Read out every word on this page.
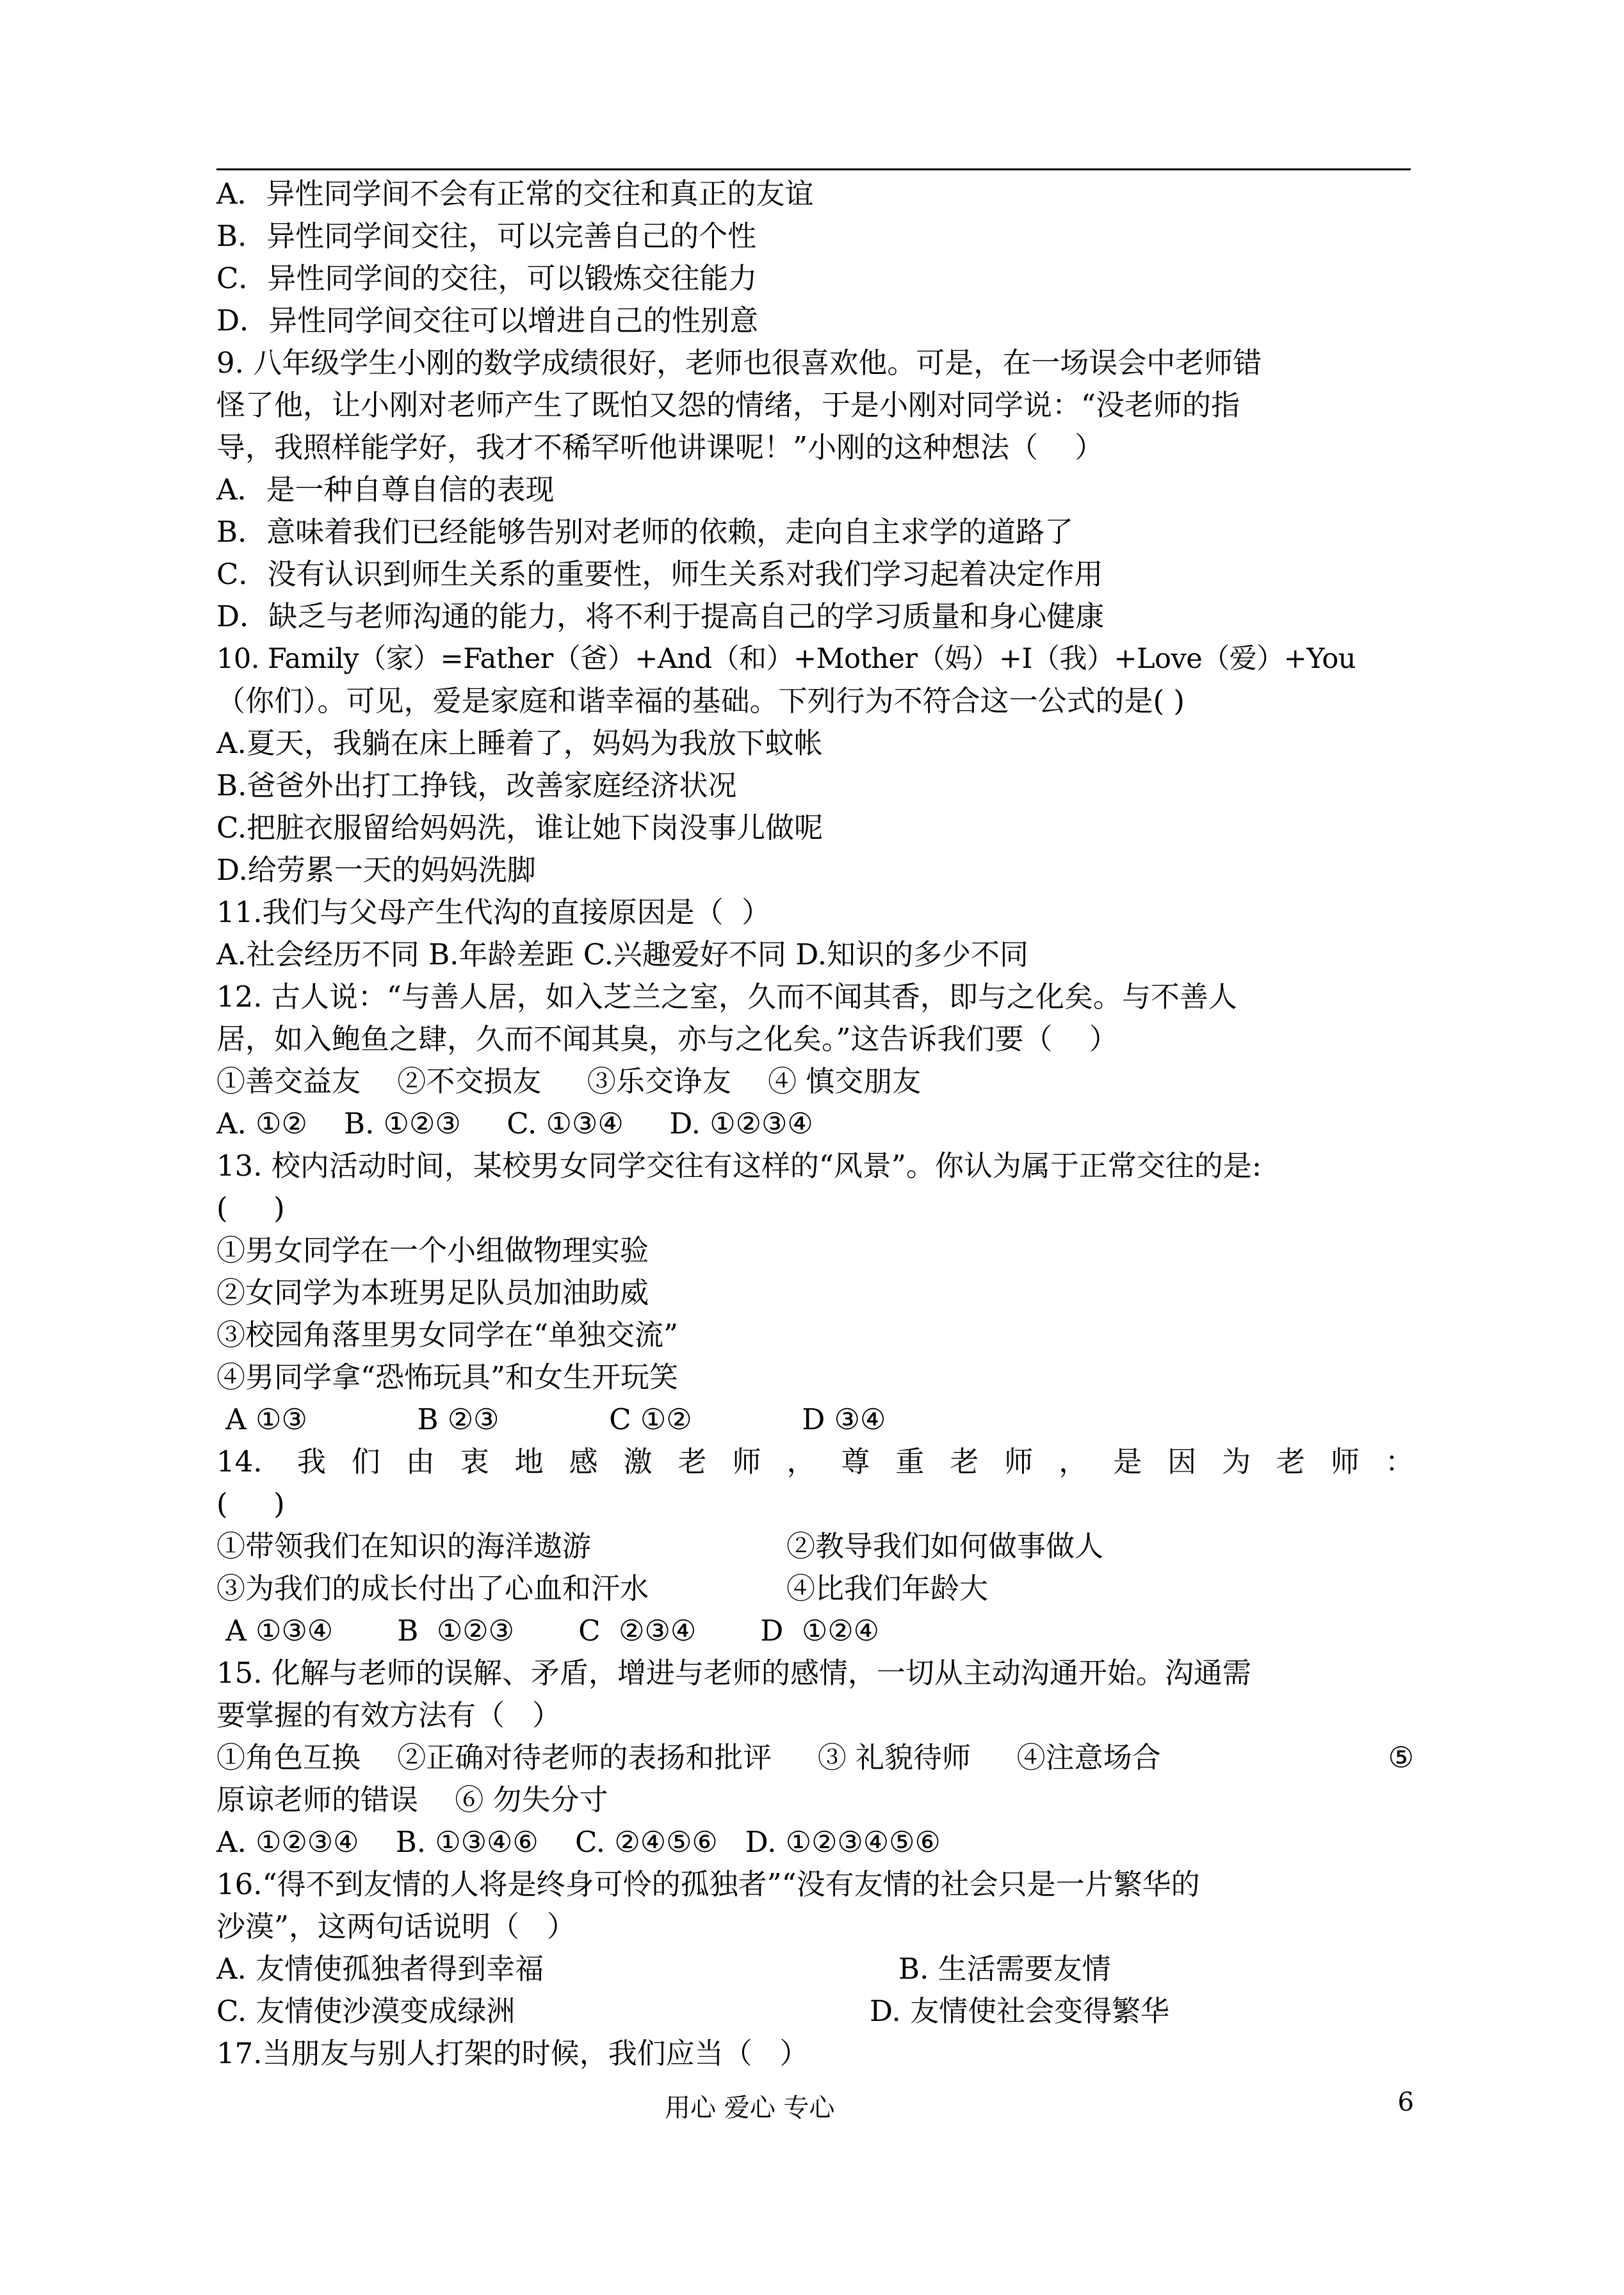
A．异性同学间不会有正常的交往和真正的友谊
B．异性同学间交往，可以完善自己的个性
C．异性同学间的交往，可以锻炼交往能力
D．异性同学间交往可以增进自己的性别意
9. 八年级学生小刚的数学成绩很好，老师也很喜欢他。可是，在一场误会中老师错
怪了他，让小刚对老师产生了既怕又怨的情绪，于是小刚对同学说：“没老师的指
导，我照样能学好，我才不稀罕听他讲课呢！”小刚的这种想法（    ）
A．是一种自尊自信的表现
B．意味着我们已经能够告别对老师的依赖，走向自主求学的道路了
C．没有认识到师生关系的重要性，师生关系对我们学习起着决定作用
D．缺乏与老师沟通的能力，将不利于提高自己的学习质量和身心健康
10. Family（家）=Father（爸）+And（和）+Mother（妈）+I（我）+Love（爱）+You
（你们）。可见，爱是家庭和谐幸福的基础。下列行为不符合这一公式的是( )
A.夏天，我躺在床上睡着了，妈妈为我放下蚊帐
B.爸爸外出打工挣钱，改善家庭经济状况
C.把脏衣服留给妈妈洗，谁让她下岗没事儿做呢
D.给劳累一天的妈妈洗脚
11.我们与父母产生代沟的直接原因是（  ）
A.社会经历不同 B.年龄差距 C.兴趣爱好不同 D.知识的多少不同
12. 古人说：“与善人居，如入芝兰之室，久而不闻其香，即与之化矣。与不善人
居，如入鲍鱼之肆，久而不闻其臭，亦与之化矣。”这告诉我们要（    ）
①善交益友    ②不交损友     ③乐交诤友    ④ 慎交朋友
A. ①②    B. ①②③     C. ①③④     D. ①②③④
13. 校内活动时间，某校男女同学交往有这样的“风景”。你认为属于正常交往的是:
(     )
①男女同学在一个小组做物理实验
②女同学为本班男足队员加油助威
③校园角落里男女同学在“单独交流”
④男同学拿“恐怖玩具”和女生开玩笑
A ①③            B ②③            C ①②            D ③④
14. 我们由衷地感激老师，尊重老师，是因为老师：
(     )
①带领我们在知识的海洋遨游	②教导我们如何做事做人
③为我们的成长付出了心血和汗水	④比我们年龄大
A ①③④       B  ①②③       C  ②③④       D  ①②④
15. 化解与老师的误解、矛盾，增进与老师的感情，一切从主动沟通开始。沟通需
要掌握的有效方法有（   ）
①角色互换    ②正确对待老师的表扬和批评     ③ 礼貌待师     ④注意场合	⑤
原谅老师的错误    ⑥ 勿失分寸
A. ①②③④    B. ①③④⑥    C. ②④⑤⑥   D. ①②③④⑤⑥
16.“得不到友情的人将是终身可怜的孤独者”“没有友情的社会只是一片繁华的
沙漠”，这两句话说明（   ）
A. 友情使孤独者得到幸福	B. 生活需要友情
C. 友情使沙漠变成绿洲	D. 友情使社会变得繁华
17.当朋友与别人打架的时候，我们应当（   ）
用心 爱心 专心	6
